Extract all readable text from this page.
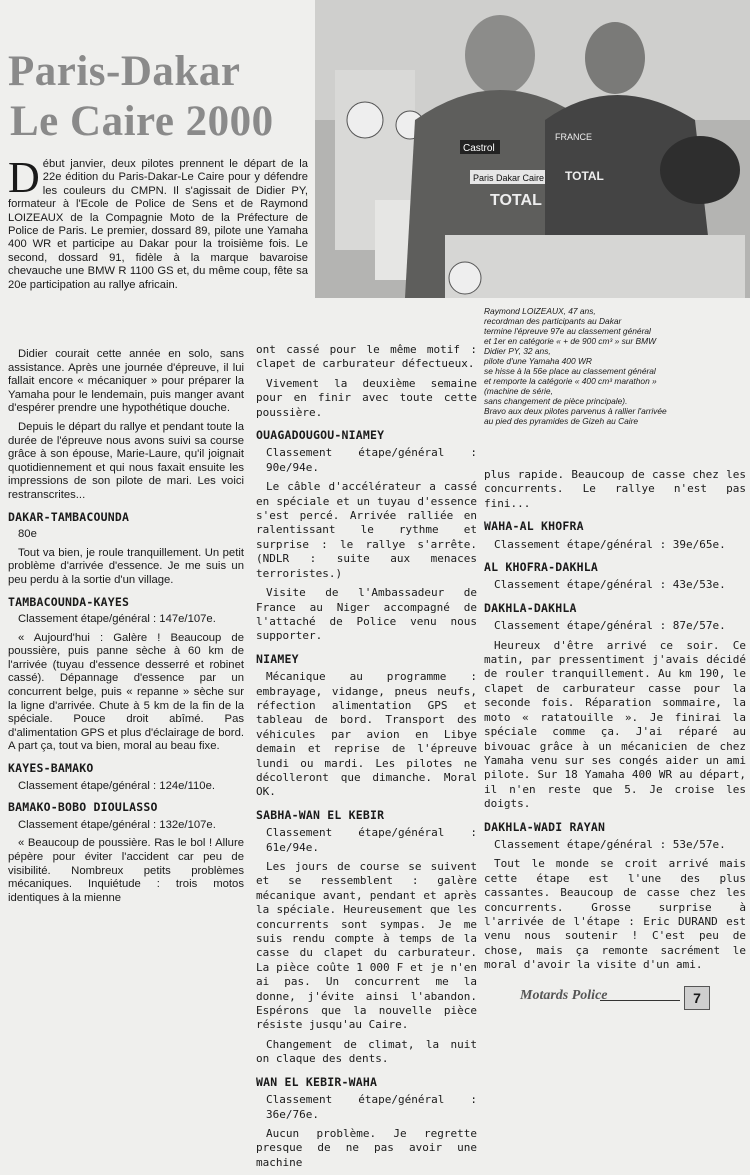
Paris-Dakar
Le Caire 2000

Début janvier, deux pilotes prennent le départ de la 22e édition du Paris-Dakar-Le Caire pour y défendre les couleurs du CMPN. Il s'agissait de Didier PY, formateur à l'Ecole de Police de Sens et de Raymond LOIZEAUX de la Compagnie Moto de la Préfecture de Police de Paris. Le premier, dossard 89, pilote une Yamaha 400 WR et participe au Dakar pour la troisième fois. Le second, dossard 91, fidèle à la marque bavaroise chevauche une BMW R 1100 GS et, du même coup, fête sa 20e participation au rallye africain.

Castrol
Paris Dakar Caire
TOTAL
FRANCE
TOTAL

Raymond LOIZEAUX, 47 ans,

recordman des participants au Dakar

termine l'épreuve 97e au classement général

et 1er en catégorie « + de 900 cm³ » sur BMW

Didier PY, 32 ans,

pilote d'une Yamaha 400 WR

se hisse à la 56e place au classement général

et remporte la catégorie « 400 cm³ marathon »

(machine de série,

sans changement de pièce principale).

Bravo aux deux pilotes parvenus à rallier l'arrivée

au pied des pyramides de Gizeh au Caire

Didier courait cette année en solo, sans assistance. Après une journée d'épreuve, il lui fallait encore « mécaniquer » pour préparer la Yamaha pour le lendemain, puis manger avant d'espérer prendre une hypothétique douche.

Depuis le départ du rallye et pendant toute la durée de l'épreuve nous avons suivi sa course grâce à son épouse, Marie-Laure, qu'il joignait quotidiennement et qui nous faxait ensuite les impressions de son pilote de mari. Les voici restranscrites...

DAKAR-TAMBACOUNDA

80e

Tout va bien, je roule tranquillement. Un petit problème d'arrivée d'essence. Je me suis un peu perdu à la sortie d'un village.

TAMBACOUNDA-KAYES

Classement étape/général : 147e/107e.

« Aujourd'hui : Galère ! Beaucoup de poussière, puis panne sèche à 60 km de l'arrivée (tuyau d'essence desserré et robinet cassé). Dépannage d'essence par un concurrent belge, puis « repanne » sèche sur la ligne d'arrivée. Chute à 5 km de la fin de la spéciale. Pouce droit abîmé. Pas d'alimentation GPS et plus d'éclairage de bord. A part ça, tout va bien, moral au beau fixe.

KAYES-BAMAKO

Classement étape/général : 124e/110e.

BAMAKO-BOBO DIOULASSO

Classement étape/général : 132e/107e.

« Beaucoup de poussière. Ras le bol ! Allure pépère pour éviter l'accident car peu de visibilité. Nombreux petits problèmes mécaniques. Inquiétude : trois motos identiques à la mienne

ont cassé pour le même motif : clapet de carburateur défectueux.

Vivement la deuxième semaine pour en finir avec toute cette poussière.

OUAGADOUGOU-NIAMEY

Classement étape/général : 90e/94e.

Le câble d'accélérateur a cassé en spéciale et un tuyau d'essence s'est percé. Arrivée ralliée en ralentissant le rythme et surprise : le rallye s'arrête. (NDLR : suite aux menaces terroristes.)

Visite de l'Ambassadeur de France au Niger accompagné de l'attaché de Police venu nous supporter.

NIAMEY

Mécanique au programme : embrayage, vidange, pneus neufs, réfection alimentation GPS et tableau de bord. Transport des véhicules par avion en Libye demain et reprise de l'épreuve lundi ou mardi. Les pilotes ne décolleront que dimanche. Moral OK.

SABHA-WAN EL KEBIR

Classement étape/général : 61e/94e.

Les jours de course se suivent et se ressemblent : galère mécanique avant, pendant et après la spéciale. Heureusement que les concurrents sont sympas. Je me suis rendu compte à temps de la casse du clapet du carburateur. La pièce coûte 1 000 F et je n'en ai pas. Un concurrent me la donne, j'évite ainsi l'abandon. Espérons que la nouvelle pièce résiste jusqu'au Caire.

Changement de climat, la nuit on claque des dents.

WAN EL KEBIR-WAHA

Classement étape/général : 36e/76e.

Aucun problème. Je regrette presque de ne pas avoir une machine

plus rapide. Beaucoup de casse chez les concurrents. Le rallye n'est pas fini...

WAHA-AL KHOFRA

Classement étape/général : 39e/65e.

AL KHOFRA-DAKHLA

Classement étape/général : 43e/53e.

DAKHLA-DAKHLA

Classement étape/général : 87e/57e.

Heureux d'être arrivé ce soir. Ce matin, par pressentiment j'avais décidé de rouler tranquillement. Au km 190, le clapet de carburateur casse pour la seconde fois. Réparation sommaire, la moto « ratatouille ». Je finirai la spéciale comme ça. J'ai réparé au bivouac grâce à un mécanicien de chez Yamaha venu sur ses congés aider un ami pilote. Sur 18 Yamaha 400 WR au départ, il n'en reste que 5. Je croise les doigts.

DAKHLA-WADI RAYAN

Classement étape/général : 53e/57e.

Tout le monde se croit arrivé mais cette étape est l'une des plus cassantes. Beaucoup de casse chez les concurrents. Grosse surprise à l'arrivée de l'étape : Eric DURAND est venu nous soutenir ! C'est peu de chose, mais ça remonte sacrément le moral d'avoir la visite d'un ami.

Motards Police	7
